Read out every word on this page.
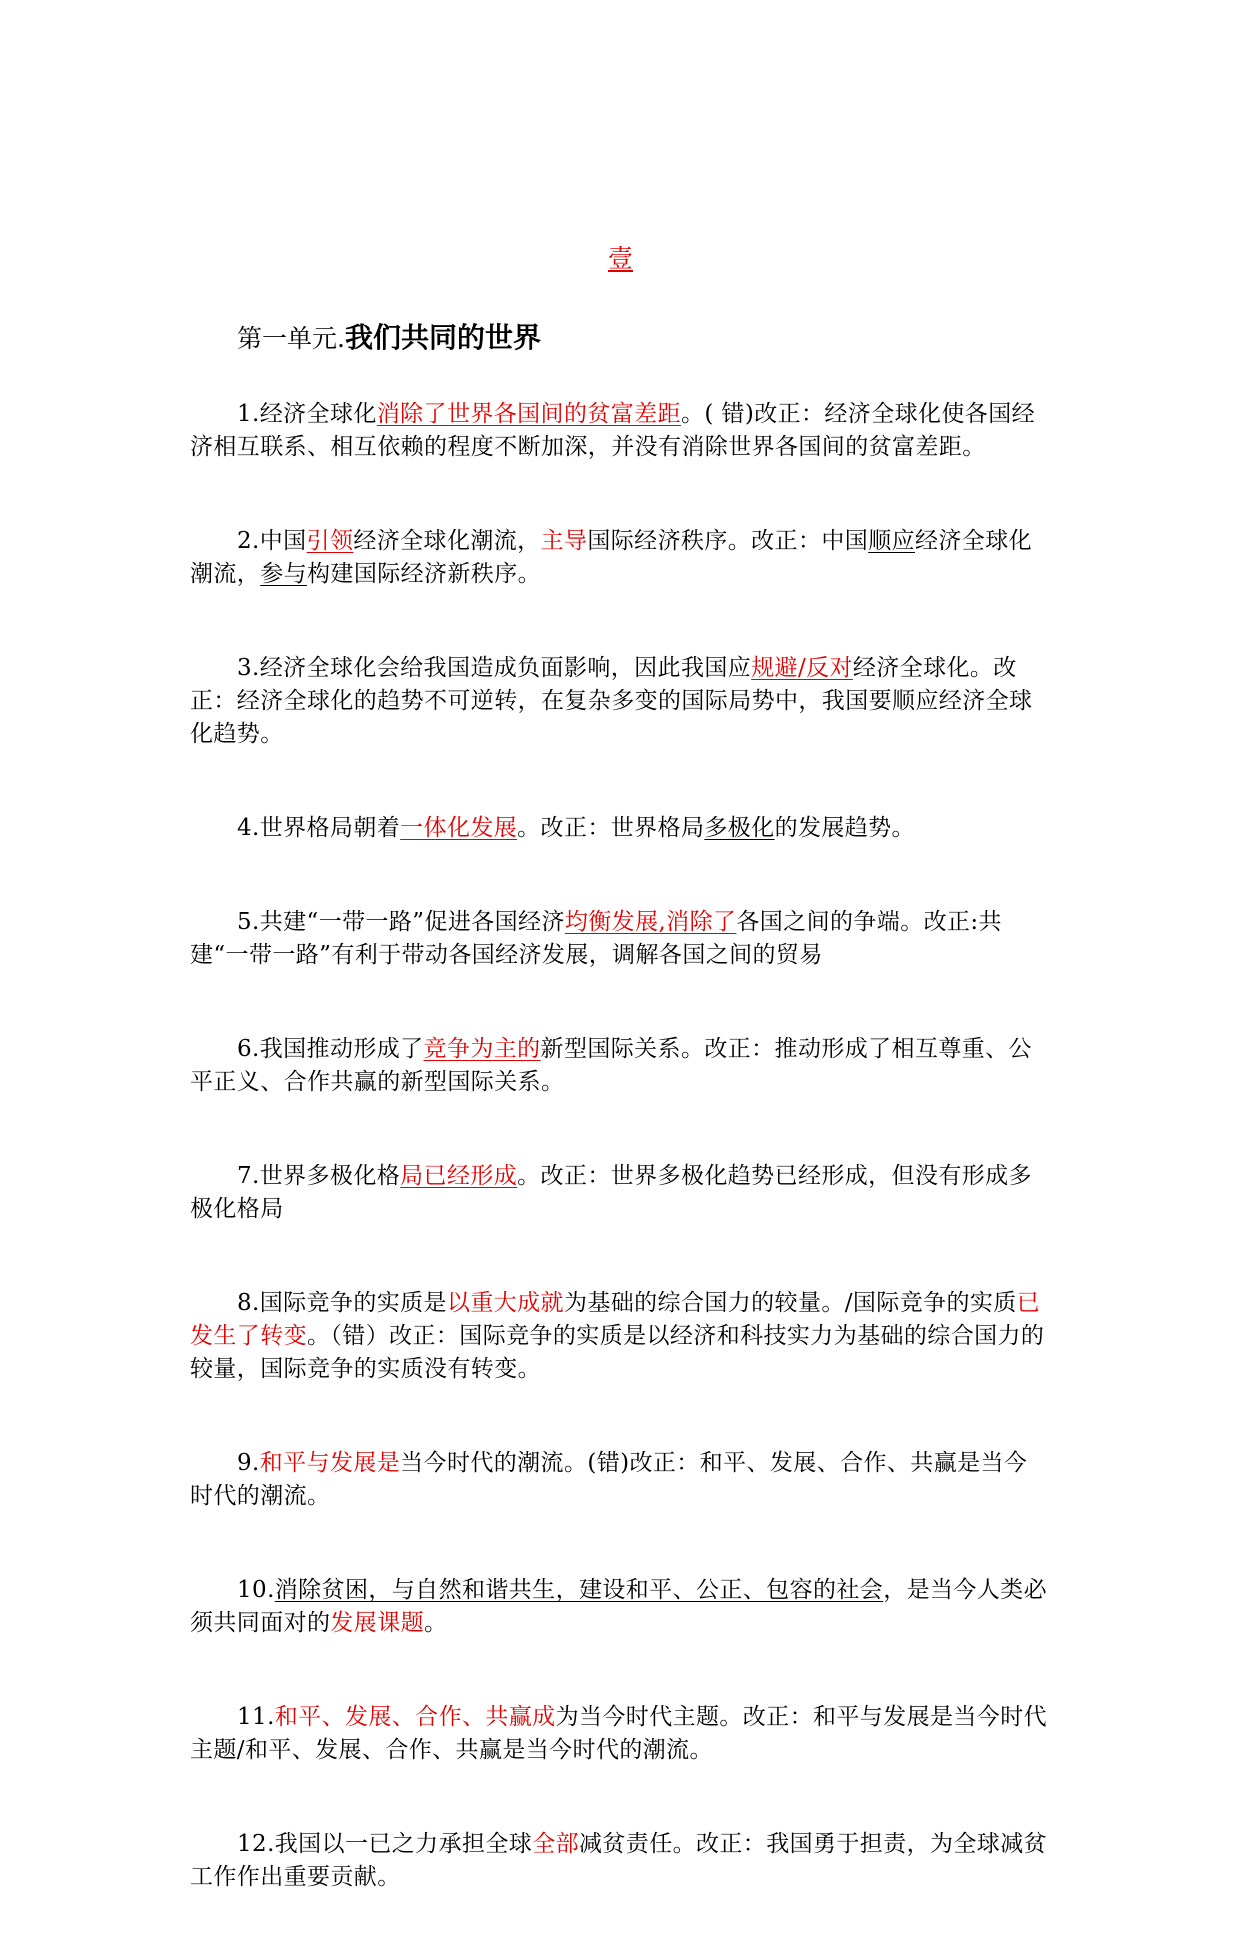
壹
第一单元.我们共同的世界

1.经济全球化消除了世界各国间的贫富差距。( 错)改正：经济全球化使各国经济相互联系、相互依赖的程度不断加深，并没有消除世界各国间的贫富差距。

2.中国引领经济全球化潮流，主导国际经济秩序。改正：中国顺应经济全球化潮流，参与构建国际经济新秩序。

3.经济全球化会给我国造成负面影响，因此我国应规避/反对经济全球化。改正：经济全球化的趋势不可逆转，在复杂多变的国际局势中，我国要顺应经济全球化趋势。

4.世界格局朝着一体化发展。改正：世界格局多极化的发展趋势。

5.共建“一带一路”促进各国经济均衡发展,消除了各国之间的争端。改正:共建“一带一路”有利于带动各国经济发展，调解各国之间的贸易

6.我国推动形成了竞争为主的新型国际关系。改正：推动形成了相互尊重、公平正义、合作共赢的新型国际关系。

7.世界多极化格局已经形成。改正：世界多极化趋势已经形成，但没有形成多极化格局

8.国际竞争的实质是以重大成就为基础的综合国力的较量。/国际竞争的实质已发生了转变。（错）改正：国际竞争的实质是以经济和科技实力为基础的综合国力的较量，国际竞争的实质没有转变。

9.和平与发展是当今时代的潮流。(错)改正：和平、发展、合作、共赢是当今时代的潮流。

10.消除贫困，与自然和谐共生，建设和平、公正、包容的社会，是当今人类必须共同面对的发展课题。

11.和平、发展、合作、共赢成为当今时代主题。改正：和平与发展是当今时代主题/和平、发展、合作、共赢是当今时代的潮流。

12.我国以一已之力承担全球全部减贫责任。改正：我国勇于担责，为全球减贫工作作出重要贡献。
